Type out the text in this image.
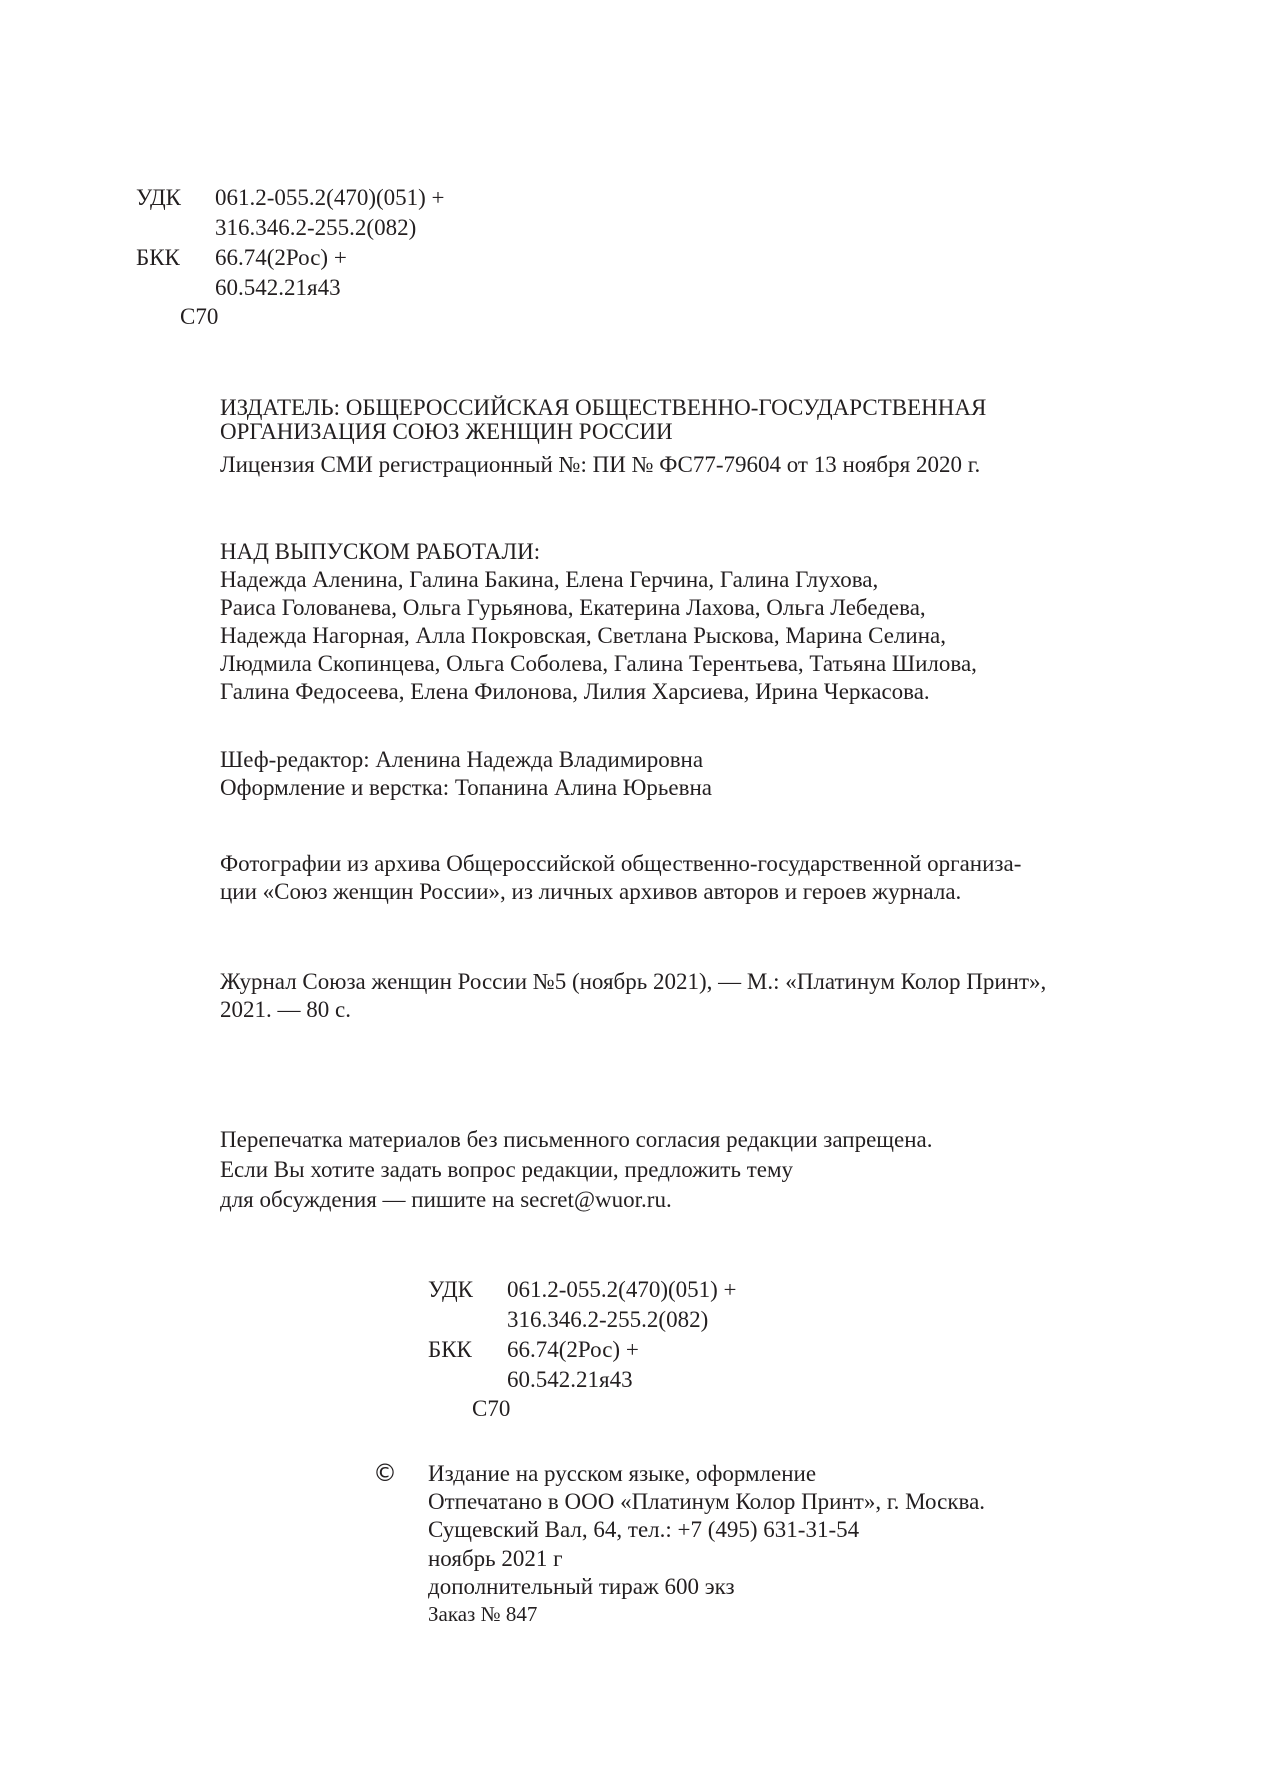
УДК 061.2-055.2(470)(051) +
316.346.2-255.2(082)
БКК 66.74(2Рос) +
60.542.21я43
С70
ИЗДАТЕЛЬ: ОБЩЕРОССИЙСКАЯ ОБЩЕСТВЕННО-ГОСУДАРСТВЕННАЯ
ОРГАНИЗАЦИЯ СОЮЗ ЖЕНЩИН РОССИИ
Лицензия СМИ регистрационный №: ПИ № ФС77-79604 от 13 ноября 2020 г.
НАД ВЫПУСКОМ РАБОТАЛИ:
Надежда Аленина, Галина Бакина, Елена Герчина, Галина Глухова,
Раиса Голованева, Ольга Гурьянова, Екатерина Лахова, Ольга Лебедева,
Надежда Нагорная, Алла Покровская, Светлана Рыскова, Марина Селина,
Людмила Скопинцева, Ольга Соболева, Галина Терентьева, Татьяна Шилова,
Галина Федосеева, Елена Филонова, Лилия Харсиева, Ирина Черкасова.
Шеф-редактор: Аленина Надежда Владимировна
Оформление и верстка: Топанина Алина Юрьевна
Фотографии из архива Общероссийской общественно-государственной организа-
ции «Союз женщин России», из личных архивов авторов и героев журнала.
Журнал Союза женщин России №5 (ноябрь 2021), — М.: «Платинум Колор Принт»,
2021. — 80 с.
Перепечатка материалов без письменного согласия редакции запрещена.
Если Вы хотите задать вопрос редакции, предложить тему
для обсуждения — пишите на secret@wuor.ru.
УДК 061.2-055.2(470)(051) +
316.346.2-255.2(082)
БКК 66.74(2Рос) +
60.542.21я43
С70
© Издание на русском языке, оформление
Отпечатано в ООО «Платинум Колор Принт», г. Москва.
Сущевский Вал, 64, тел.: +7 (495) 631-31-54
ноябрь 2021 г
дополнительный тираж 600 экз
Заказ № 847
